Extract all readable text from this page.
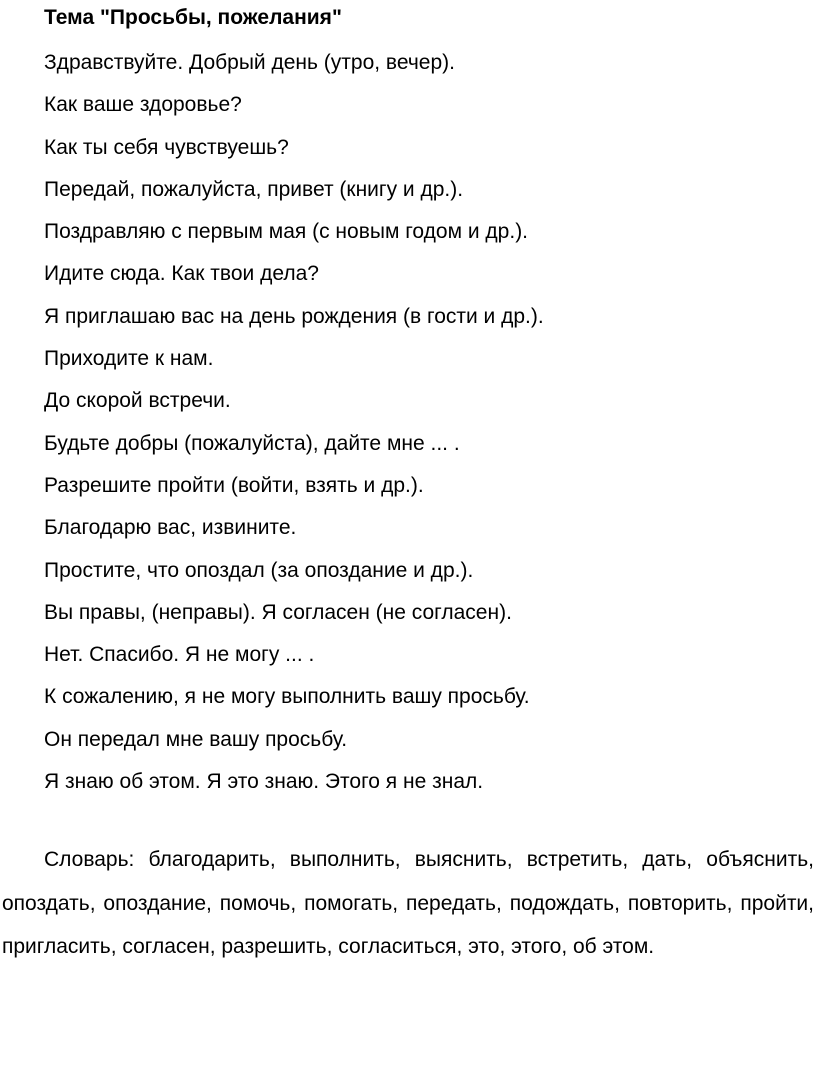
Тема "Просьбы, пожелания"
Здравствуйте. Добрый день (утро, вечер).
Как ваше здоровье?
Как ты себя чувствуешь?
Передай, пожалуйста, привет (книгу и др.).
Поздравляю с первым мая (с новым годом и др.).
Идите сюда. Как твои дела?
Я приглашаю вас на день рождения (в гости и др.).
Приходите к нам.
До скорой встречи.
Будьте добры (пожалуйста), дайте мне ... .
Разрешите пройти (войти, взять и др.).
Благодарю вас, извините.
Простите, что опоздал (за опоздание и др.).
Вы правы, (неправы). Я согласен (не согласен).
Нет. Спасибо. Я не могу ... .
К сожалению, я не могу выполнить вашу просьбу.
Он передал мне вашу просьбу.
Я знаю об этом. Я это знаю. Этого я не знал.

Словарь: благодарить, выполнить, выяснить, встретить, дать, объяснить, опоздать, опоздание, помочь, помогать, передать, подождать, повторить, пройти, пригласить, согласен, разрешить, согласиться, это, этого, об этом.
